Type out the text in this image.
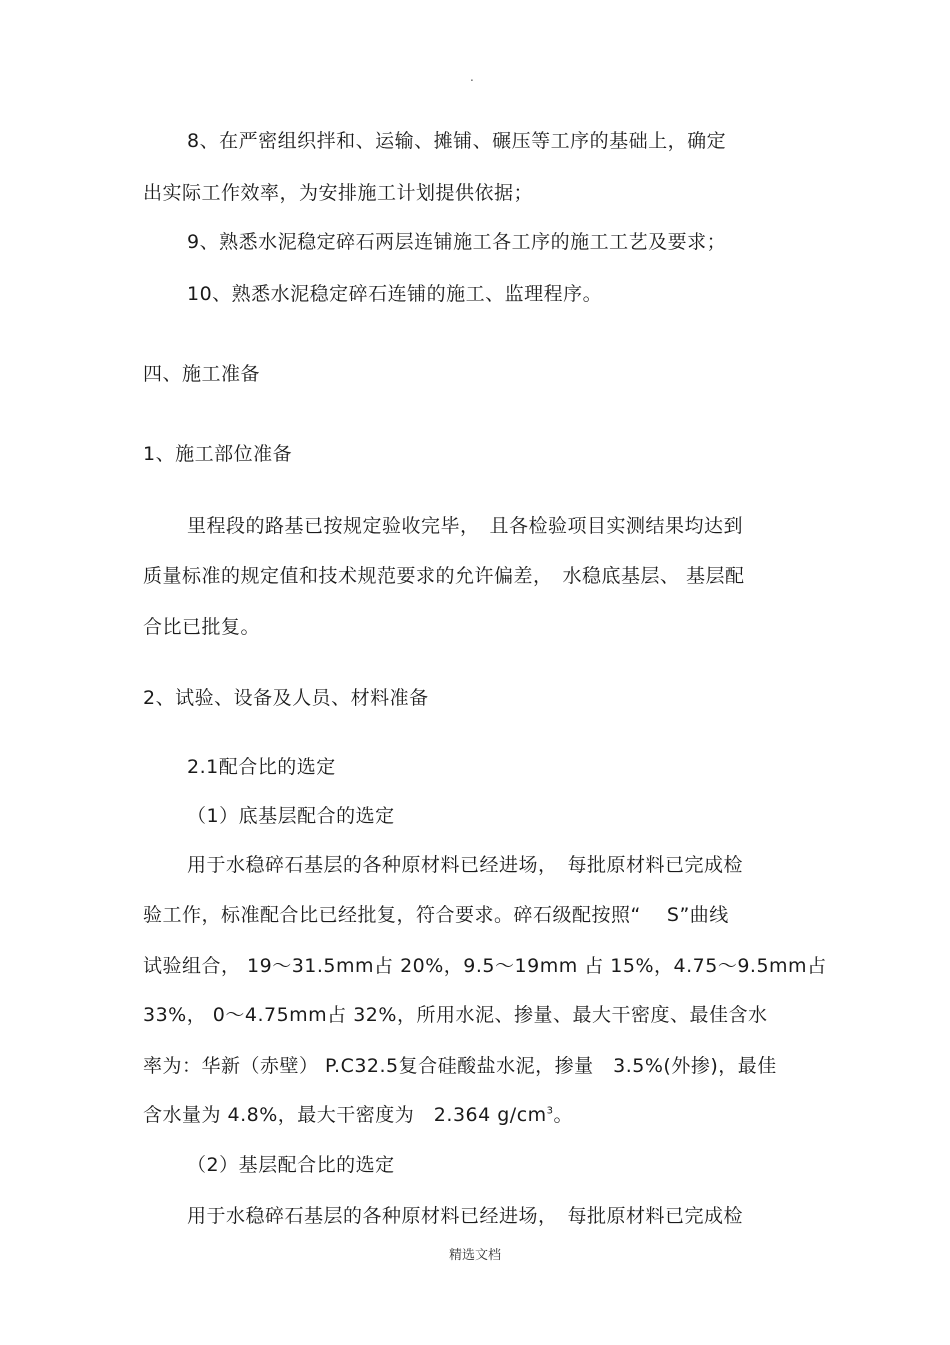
.
8、在严密组织拌和、运输、摊铺、碾压等工序的基础上，确定
出实际工作效率，为安排施工计划提供依据；
9、熟悉水泥稳定碎石两层连铺施工各工序的施工工艺及要求；
10、熟悉水泥稳定碎石连铺的施工、监理程序。
四、施工准备
1、施工部位准备
里程段的路基已按规定验收完毕，　且各检验项目实测结果均达到
质量标准的规定值和技术规范要求的允许偏差，　水稳底基层、 基层配
合比已批复。
2、试验、设备及人员、材料准备
2.1配合比的选定
（1）底基层配合的选定
用于水稳碎石基层的各种原材料已经进场，　每批原材料已完成检
验工作，标准配合比已经批复，符合要求。碎石级配按照“　 S”曲线
试验组合， 19～31.5mm占 20%，9.5～19mm 占 15%，4.75～9.5mm占
33%， 0～4.75mm占 32%，所用水泥、掺量、最大干密度、最佳含水
率为：华新（赤壁） P.C32.5复合硅酸盐水泥，掺量　3.5%(外掺)，最佳
含水量为 4.8%，最大干密度为　2.364 $g/cm^3$。
（2）基层配合比的选定
用于水稳碎石基层的各种原材料已经进场，　每批原材料已完成检
精选文档
